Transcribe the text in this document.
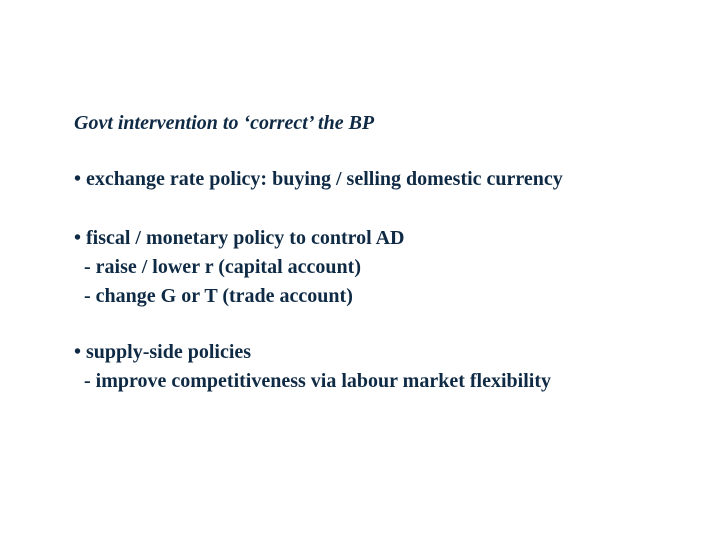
Govt intervention to ‘correct’ the BP
• exchange rate policy: buying / selling domestic currency
• fiscal / monetary policy to control AD
- raise / lower r (capital account)
- change G or T (trade account)
• supply-side policies
- improve competitiveness via labour market flexibility
